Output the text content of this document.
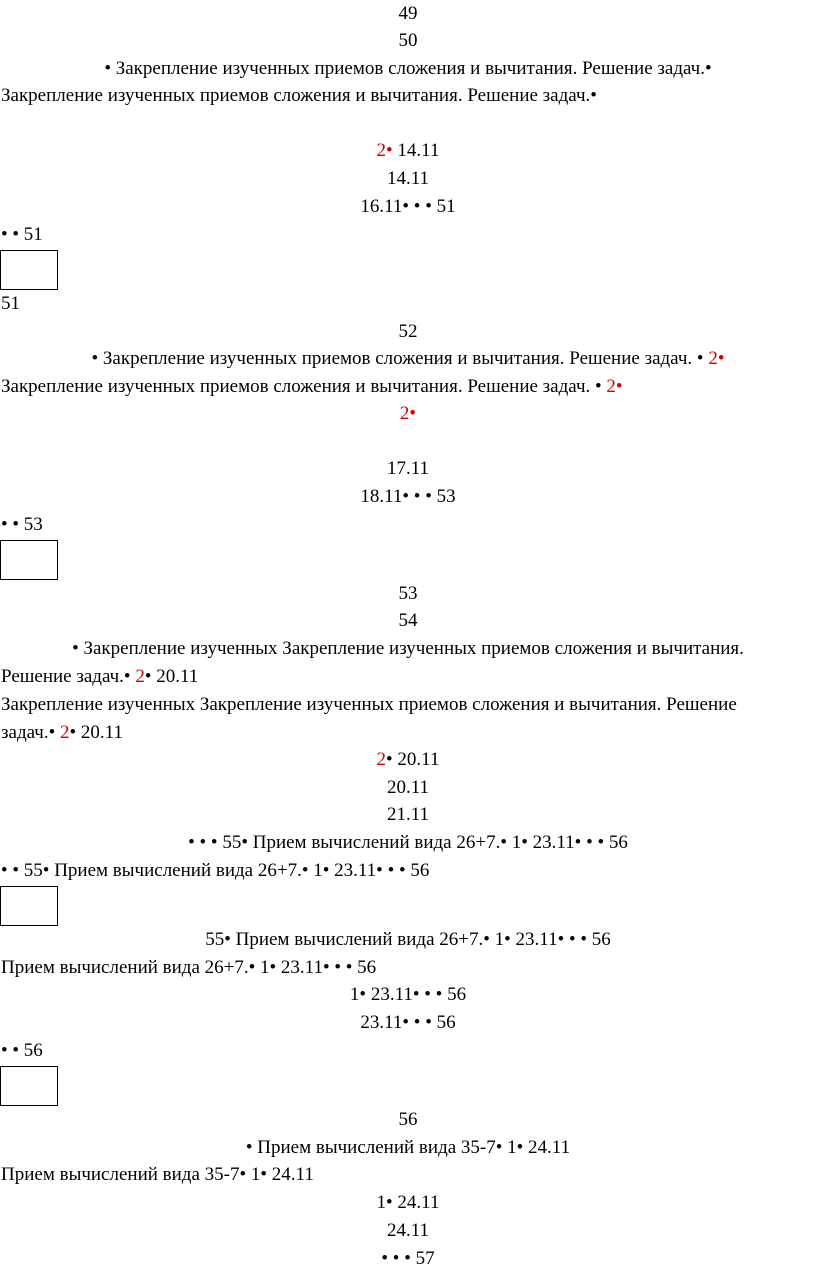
49
50
• Закрепление изученных приемов сложения и вычитания. Решение задач.•
Закрепление изученных приемов сложения и вычитания. Решение задач.•
2• 14.11
14.11
16.11• • • 51
• • 51
51
52
• Закрепление изученных приемов сложения и вычитания. Решение задач. • 2•
Закрепление изученных приемов сложения и вычитания. Решение задач. • 2•
2•
17.11
18.11• • • 53
• • 53
53
54
• Закрепление изученных Закрепление изученных приемов сложения и вычитания.
Решение задач.• 2• 20.11
Закрепление изученных Закрепление изученных приемов сложения и вычитания. Решение
задач.• 2• 20.11
2• 20.11
20.11
21.11
• • • 55• Прием вычислений вида 26+7.• 1• 23.11• • • 56
• • 55• Прием вычислений вида 26+7.• 1• 23.11• • • 56
55• Прием вычислений вида 26+7.• 1• 23.11• • • 56
Прием вычислений вида 26+7.• 1• 23.11• • • 56
1• 23.11• • • 56
23.11• • • 56
• • 56
56
• Прием вычислений вида 35-7• 1• 24.11
Прием вычислений вида 35-7• 1• 24.11
1• 24.11
24.11
• • • 57
